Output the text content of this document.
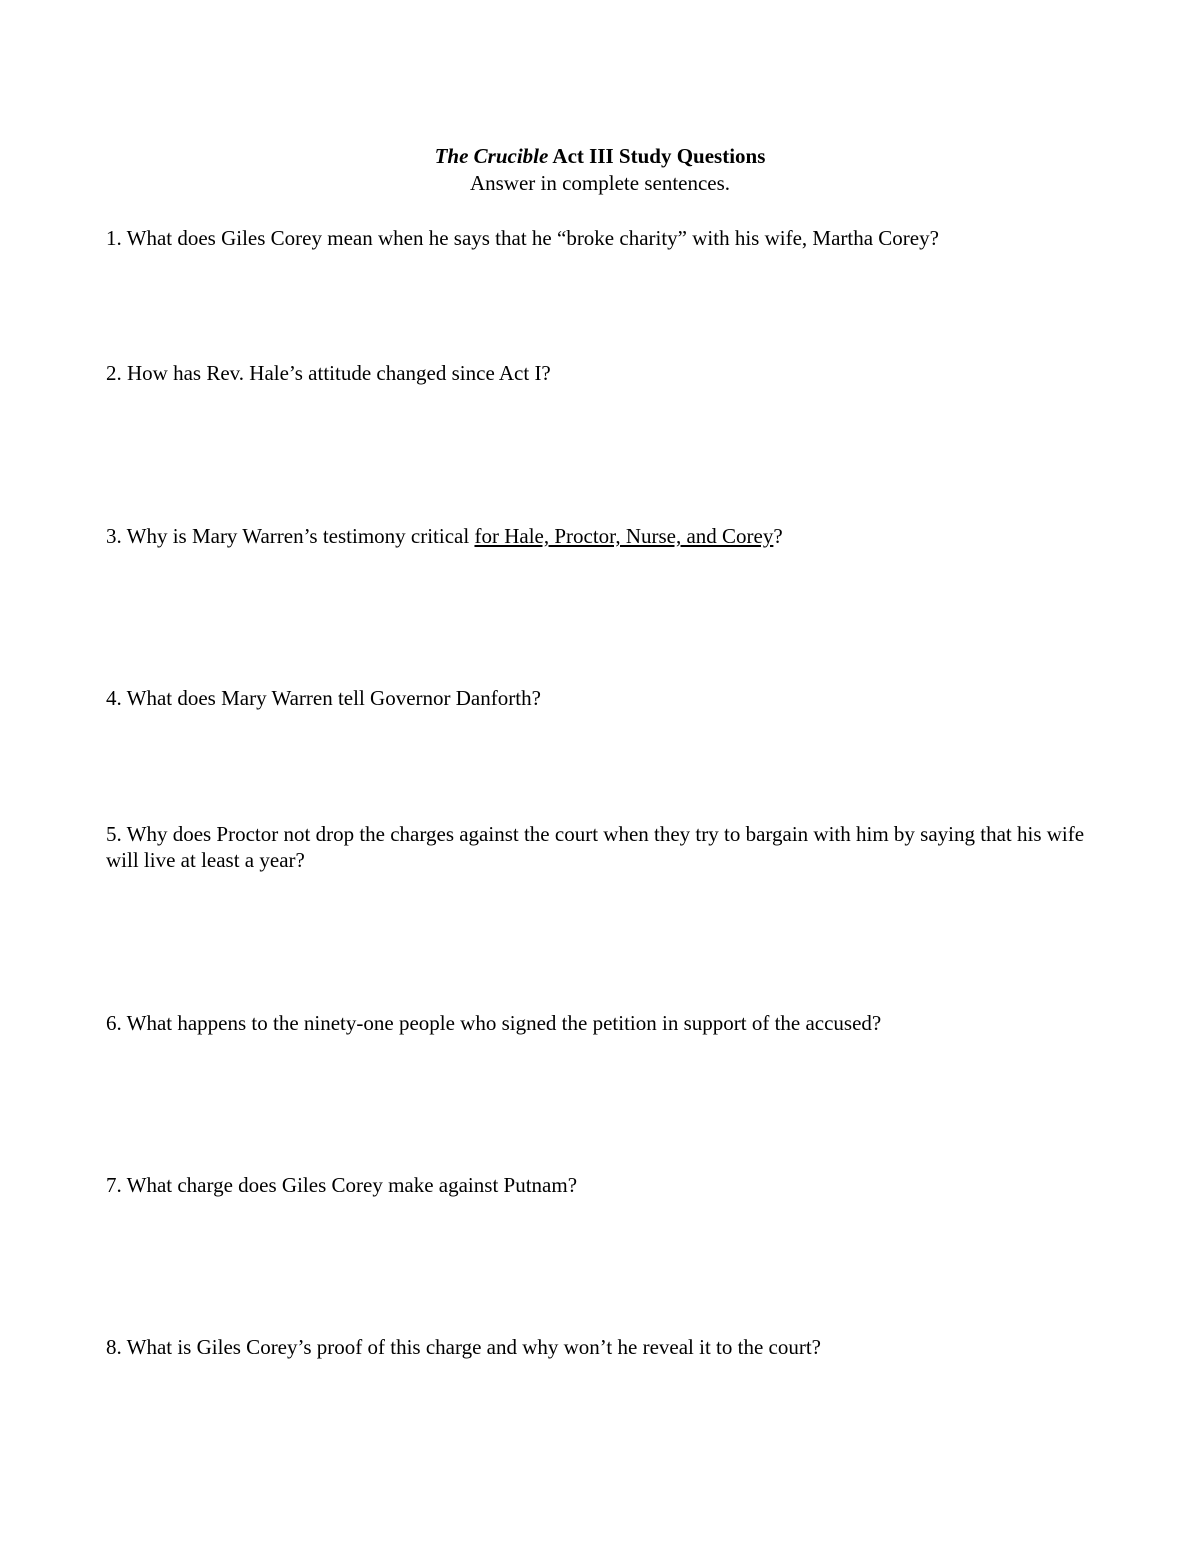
The Crucible Act III Study Questions
Answer in complete sentences.
1. What does Giles Corey mean when he says that he “broke charity” with his wife, Martha Corey?
2. How has Rev. Hale’s attitude changed since Act I?
3. Why is Mary Warren’s testimony critical for Hale, Proctor, Nurse, and Corey?
4. What does Mary Warren tell Governor Danforth?
5. Why does Proctor not drop the charges against the court when they try to bargain with him by saying that his wife will live at least a year?
6. What happens to the ninety-one people who signed the petition in support of the accused?
7. What charge does Giles Corey make against Putnam?
8. What is Giles Corey’s proof of this charge and why won’t he reveal it to the court?
